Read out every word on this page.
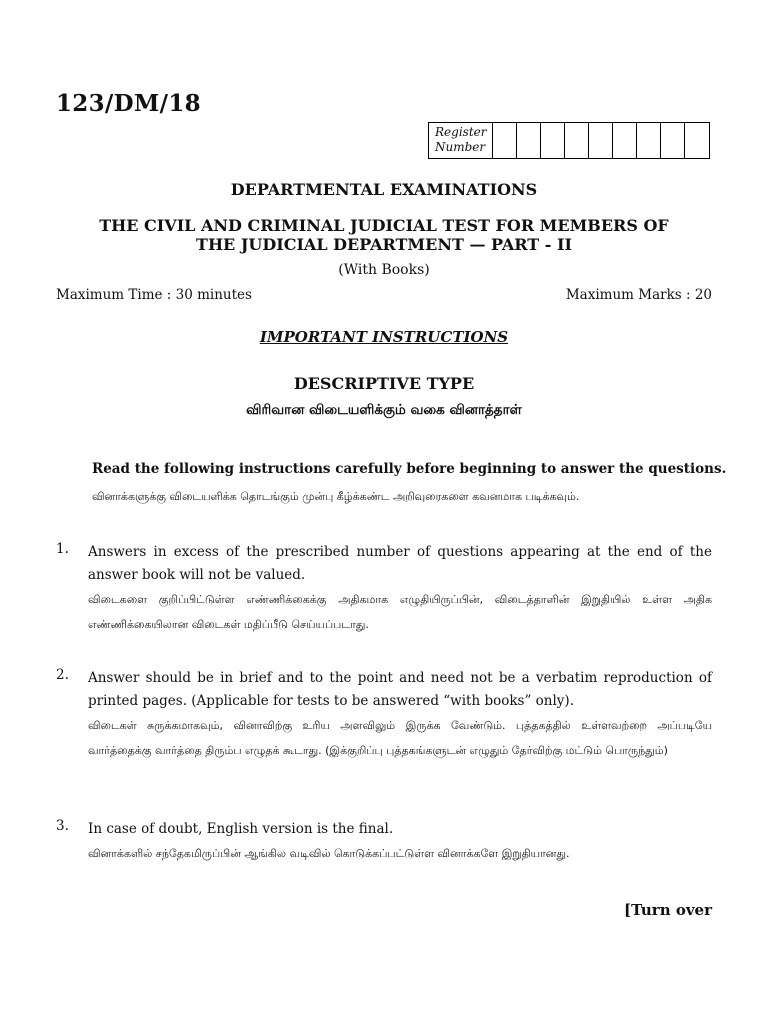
123/DM/18
Register
Number
DEPARTMENTAL EXAMINATIONS
THE CIVIL AND CRIMINAL JUDICIAL TEST FOR MEMBERS OF
THE JUDICIAL DEPARTMENT — PART - II
(With Books)
Maximum Time : 30 minutes	Maximum Marks : 20
IMPORTANT INSTRUCTIONS
DESCRIPTIVE TYPE
விரிவான விடையளிக்கும் வகை வினாத்தாள்
Read the following instructions carefully before beginning to answer the questions.
வினாக்களுக்கு விடையளிக்க தொடங்கும் முன்பு கீழ்க்கண்ட அறிவுரைகளை கவனமாக படிக்கவும்.
1. Answers in excess of the prescribed number of questions appearing at the end of the answer book will not be valued.
விடைகளை குறிப்பிட்டுள்ள எண்ணிக்கைக்கு அதிகமாக எழுதியிருப்பின், விடைத்தாளின் இறுதியில் உள்ள அதிக எண்ணிக்கையிலான விடைகள் மதிப்பீடு செய்யப்படாது.
2. Answer should be in brief and to the point and need not be a verbatim reproduction of printed pages. (Applicable for tests to be answered “with books” only).
விடைகள் சுருக்கமாகவும், வினாவிற்கு உரிய அளவிலும் இருக்க வேண்டும். புத்தகத்தில் உள்ளவற்றை அப்படியே வார்த்தைக்கு வார்த்தை திரும்ப எழுதக் கூடாது. (இக்குறிப்பு புத்தகங்களுடன் எழுதும் தேர்விற்கு மட்டும் பொருந்தும்)
3. In case of doubt, English version is the final.
வினாக்களில் சந்தேகமிருப்பின் ஆங்கில வடிவில் கொடுக்கப்பட்டுள்ள வினாக்களே இறுதியானது.
[Turn over
